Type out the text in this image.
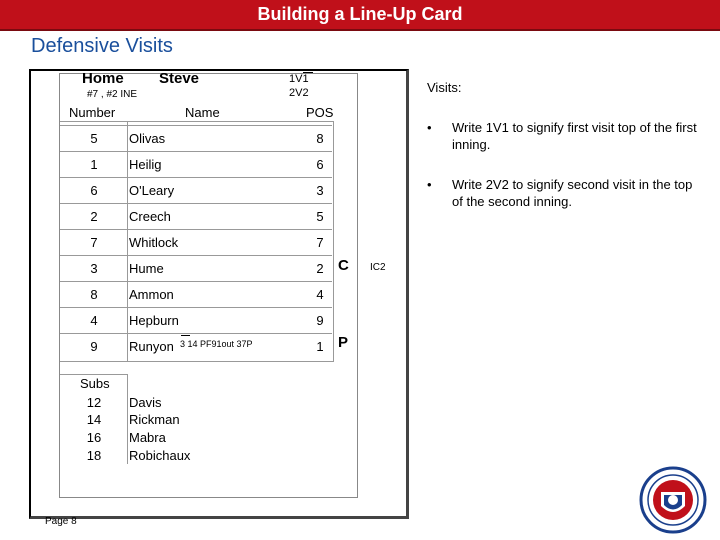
Building a Line-Up Card
Defensive Visits
Home Steve	1V1
2V2
#7 , #2 INE
Number	Name	POS
5	Olivas	8
1	Heilig	6
6	O'Leary	3
2	Creech	5
7	Whitlock	7
3	Hume	2
8	Ammon	4
4	Hepburn	9
9	Runyon	1
C IC2
P
3 14 PF91out 37P
Subs
12	Davis
14	Rickman
16	Mabra
18	Robichaux
Visits:
• Write 1V1 to signify first visit top of the first inning.
• Write 2V2 to signify second visit in the top of the second inning.
Page 8
